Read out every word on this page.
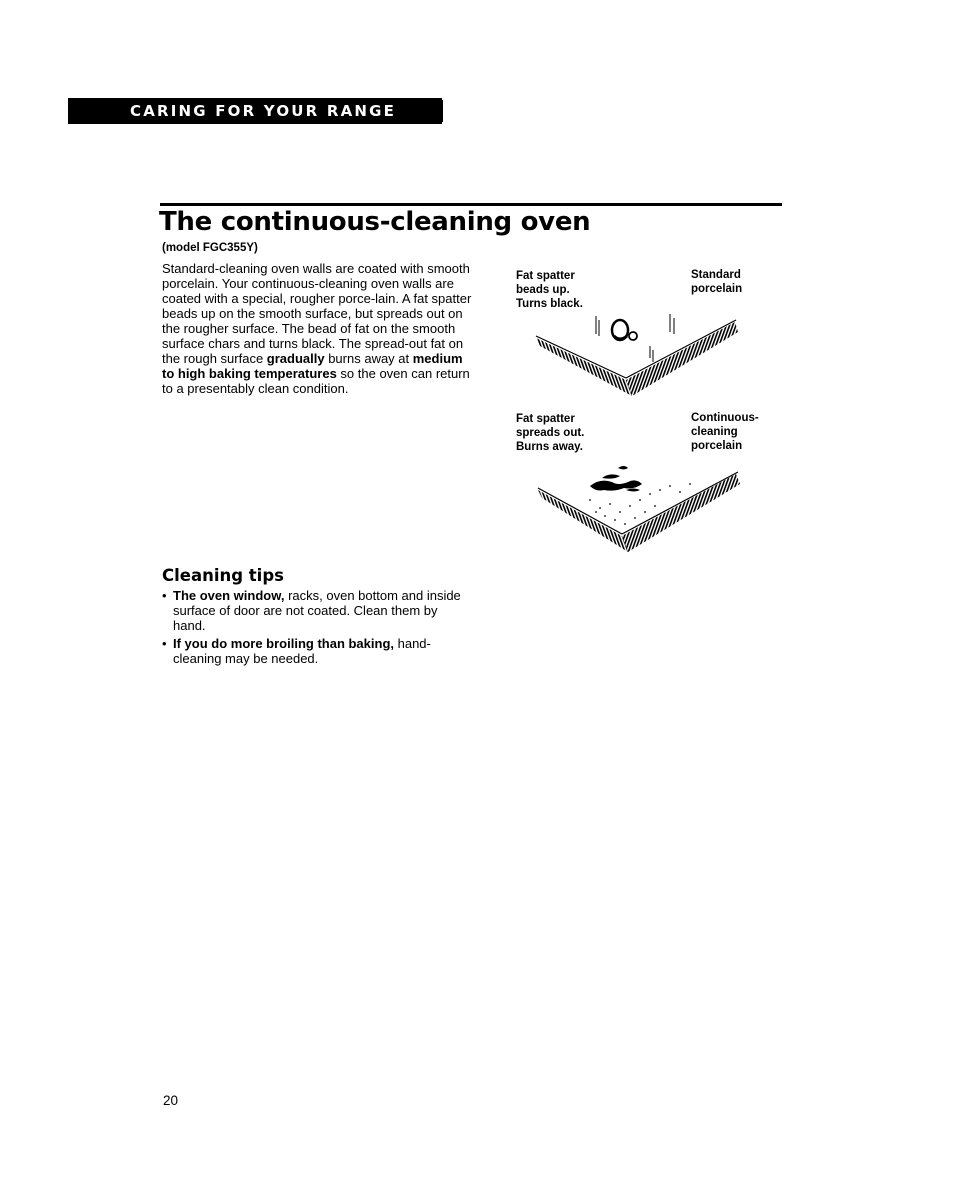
CARING FOR YOUR RANGE
The continuous-cleaning oven
(model FGC355Y)

Standard-cleaning oven walls are coated with smooth porcelain. Your continuous-cleaning oven walls are coated with a special, rougher porce-lain. A fat spatter beads up on the smooth surface, but spreads out on the rougher surface. The bead of fat on the smooth surface chars and turns black. The spread-out fat on the rough surface gradually burns away at medium to high baking temperatures so the oven can return to a presentably clean condition.

Fat spatter
beads up.
Turns black.
Standard
porcelain
Fat spatter
spreads out.
Burns away.
Continuous-
cleaning
porcelain
Cleaning tips
• The oven window, racks, oven bottom and inside surface of door are not coated. Clean them by hand.
• If you do more broiling than baking, hand-cleaning may be needed.
20
